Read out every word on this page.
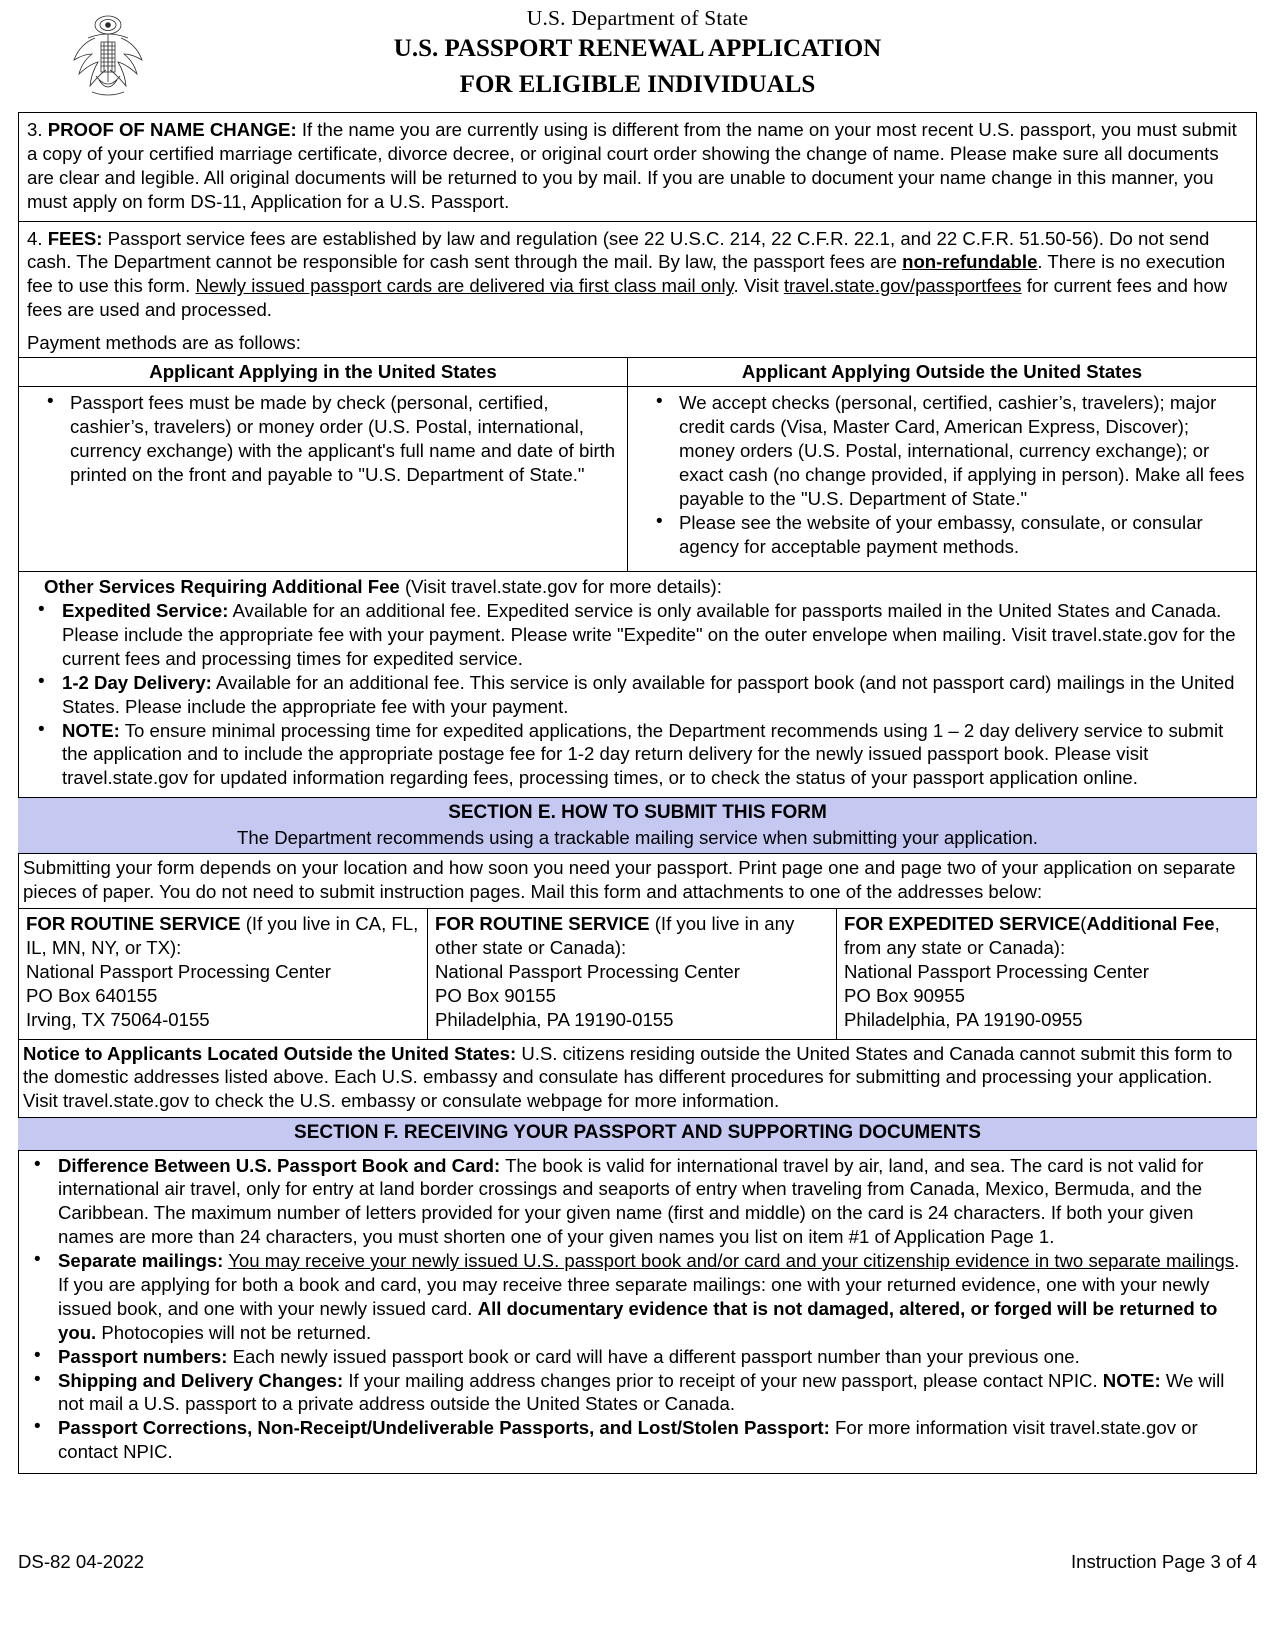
U.S. Department of State
U.S. PASSPORT RENEWAL APPLICATION
FOR ELIGIBLE INDIVIDUALS
3. PROOF OF NAME CHANGE: If the name you are currently using is different from the name on your most recent U.S. passport, you must submit a copy of your certified marriage certificate, divorce decree, or original court order showing the change of name. Please make sure all documents are clear and legible. All original documents will be returned to you by mail. If you are unable to document your name change in this manner, you must apply on form DS-11, Application for a U.S. Passport.
4. FEES: Passport service fees are established by law and regulation (see 22 U.S.C. 214, 22 C.F.R. 22.1, and 22 C.F.R. 51.50-56). Do not send cash. The Department cannot be responsible for cash sent through the mail. By law, the passport fees are non-refundable. There is no execution fee to use this form. Newly issued passport cards are delivered via first class mail only. Visit travel.state.gov/passportfees for current fees and how fees are used and processed.
Payment methods are as follows:
Applicant Applying in the United States
• Passport fees must be made by check (personal, certified, cashier’s, travelers) or money order (U.S. Postal, international, currency exchange) with the applicant's full name and date of birth printed on the front and payable to "U.S. Department of State."
Applicant Applying Outside the United States
• We accept checks (personal, certified, cashier’s, travelers); major credit cards (Visa, Master Card, American Express, Discover); money orders (U.S. Postal, international, currency exchange); or exact cash (no change provided, if applying in person). Make all fees payable to the "U.S. Department of State."
• Please see the website of your embassy, consulate, or consular agency for acceptable payment methods.
Other Services Requiring Additional Fee (Visit travel.state.gov for more details):
• Expedited Service: Available for an additional fee. Expedited service is only available for passports mailed in the United States and Canada. Please include the appropriate fee with your payment. Please write "Expedite" on the outer envelope when mailing. Visit travel.state.gov for the current fees and processing times for expedited service.
• 1-2 Day Delivery: Available for an additional fee. This service is only available for passport book (and not passport card) mailings in the United States. Please include the appropriate fee with your payment.
• NOTE: To ensure minimal processing time for expedited applications, the Department recommends using 1 – 2 day delivery service to submit the application and to include the appropriate postage fee for 1-2 day return delivery for the newly issued passport book. Please visit travel.state.gov for updated information regarding fees, processing times, or to check the status of your passport application online.
SECTION E. HOW TO SUBMIT THIS FORM
The Department recommends using a trackable mailing service when submitting your application.
Submitting your form depends on your location and how soon you need your passport. Print page one and page two of your application on separate pieces of paper. You do not need to submit instruction pages. Mail this form and attachments to one of the addresses below:
FOR ROUTINE SERVICE (If you live in CA, FL, IL, MN, NY, or TX):
National Passport Processing Center
PO Box 640155
Irving, TX 75064-0155
FOR ROUTINE SERVICE (If you live in any other state or Canada):
National Passport Processing Center
PO Box 90155
Philadelphia, PA 19190-0155
FOR EXPEDITED SERVICE(Additional Fee, from any state or Canada):
National Passport Processing Center
PO Box 90955
Philadelphia, PA 19190-0955
Notice to Applicants Located Outside the United States: U.S. citizens residing outside the United States and Canada cannot submit this form to the domestic addresses listed above. Each U.S. embassy and consulate has different procedures for submitting and processing your application. Visit travel.state.gov to check the U.S. embassy or consulate webpage for more information.
SECTION F. RECEIVING YOUR PASSPORT AND SUPPORTING DOCUMENTS
• Difference Between U.S. Passport Book and Card: The book is valid for international travel by air, land, and sea. The card is not valid for international air travel, only for entry at land border crossings and seaports of entry when traveling from Canada, Mexico, Bermuda, and the Caribbean. The maximum number of letters provided for your given name (first and middle) on the card is 24 characters. If both your given names are more than 24 characters, you must shorten one of your given names you list on item #1 of Application Page 1.
• Separate mailings: You may receive your newly issued U.S. passport book and/or card and your citizenship evidence in two separate mailings. If you are applying for both a book and card, you may receive three separate mailings: one with your returned evidence, one with your newly issued book, and one with your newly issued card. All documentary evidence that is not damaged, altered, or forged will be returned to you. Photocopies will not be returned.
• Passport numbers: Each newly issued passport book or card will have a different passport number than your previous one.
• Shipping and Delivery Changes: If your mailing address changes prior to receipt of your new passport, please contact NPIC. NOTE: We will not mail a U.S. passport to a private address outside the United States or Canada.
• Passport Corrections, Non-Receipt/Undeliverable Passports, and Lost/Stolen Passport: For more information visit travel.state.gov or contact NPIC.
DS-82 04-2022	Instruction Page 3 of 4
